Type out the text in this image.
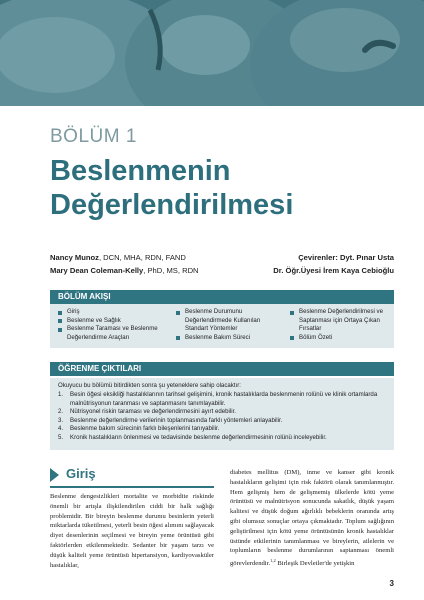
BÖLÜM 1
Beslenmenin
Değerlendirilmesi
Nancy Munoz, DCN, MHA, RDN, FAND
Mary Dean Coleman-Kelly, PhD, MS, RDN
Çevirenler: Dyt. Pınar Usta
Dr. Öğr.Üyesi İrem Kaya Cebioğlu
BÖLÜM AKIŞI
Giriş
Beslenme ve Sağlık
Beslenme Taraması ve Beslenme Değerlendirme Araçları
Beslenme Durumunu Değerlendirmede Kullanılan Standart Yöntemler
Beslenme Bakım Süreci
Beslenme Değerlendirilmesi ve Saptanması için Ortaya Çıkan Fırsatlar
Bölüm Özeti
ÖĞRENME ÇIKTILARI
Okuyucu bu bölümü bitirdikten sonra şu yeteneklere sahip olacaktır:
1. Besin öğesi eksikliği hastalıklarının tarihsel gelişimini, kronik hastalıklarda beslenmenin rolünü ve klinik ortamlarda malnütrisyonun taranması ve saptanmasını tanımlayabilir.
2. Nütrisyonel riskin taraması ve değerlendirmesini ayırt edebilir.
3. Beslenme değerlendirme verilerinin toplanmasında farklı yöntemleri anlayabilir.
4. Beslenme bakım sürecinin farklı bileşenlerini tanıyabilir.
5. Kronik hastalıkların önlenmesi ve tedavisinde beslenme değerlendirmesinin rolünü inceleyebilir.
Giriş

Beslenme dengesizlikleri mortalite ve morbidite riskinde önemli bir artışla ilişkilendirilen ciddi bir halk sağlığı problemidir. Bir bireyin beslenme durumu besinlerin yeterli miktarlarda tüketilmesi, yeterli besin öğesi alımını sağlayacak diyet desenlerinin seçilmesi ve bireyin yeme örüntüsü gibi faktörlerden etkilenmektedir. Sedanter bir yaşam tarzı ve düşük kaliteli yeme örüntüsü hipertansiyon, kardiyovasküler hastalıklar,

diabetes mellitus (DM), inme ve kanser gibi kronik hastalıkların gelişimi için risk faktörü olarak tanımlanmıştır. Hem gelişmiş hem de gelişmemiş ülkelerde kötü yeme örüntüsü ve malnütrisyon sonucunda sakatlık, düşük yaşam kalitesi ve düşük doğum ağırlıklı bebeklerin oranında artış gibi olumsuz sonuçlar ortaya çıkmaktadır. Toplum sağlığının geliştirilmesi için kötü yeme örüntüsünün kronik hastalıklar üstünde etkilerinin tanımlanması ve bireylerin, ailelerin ve toplumların beslenme durumlarının saptanması önemli görevlerdendir.$^{1,2}$ Birleşik Devletler'de yetişkin

3
